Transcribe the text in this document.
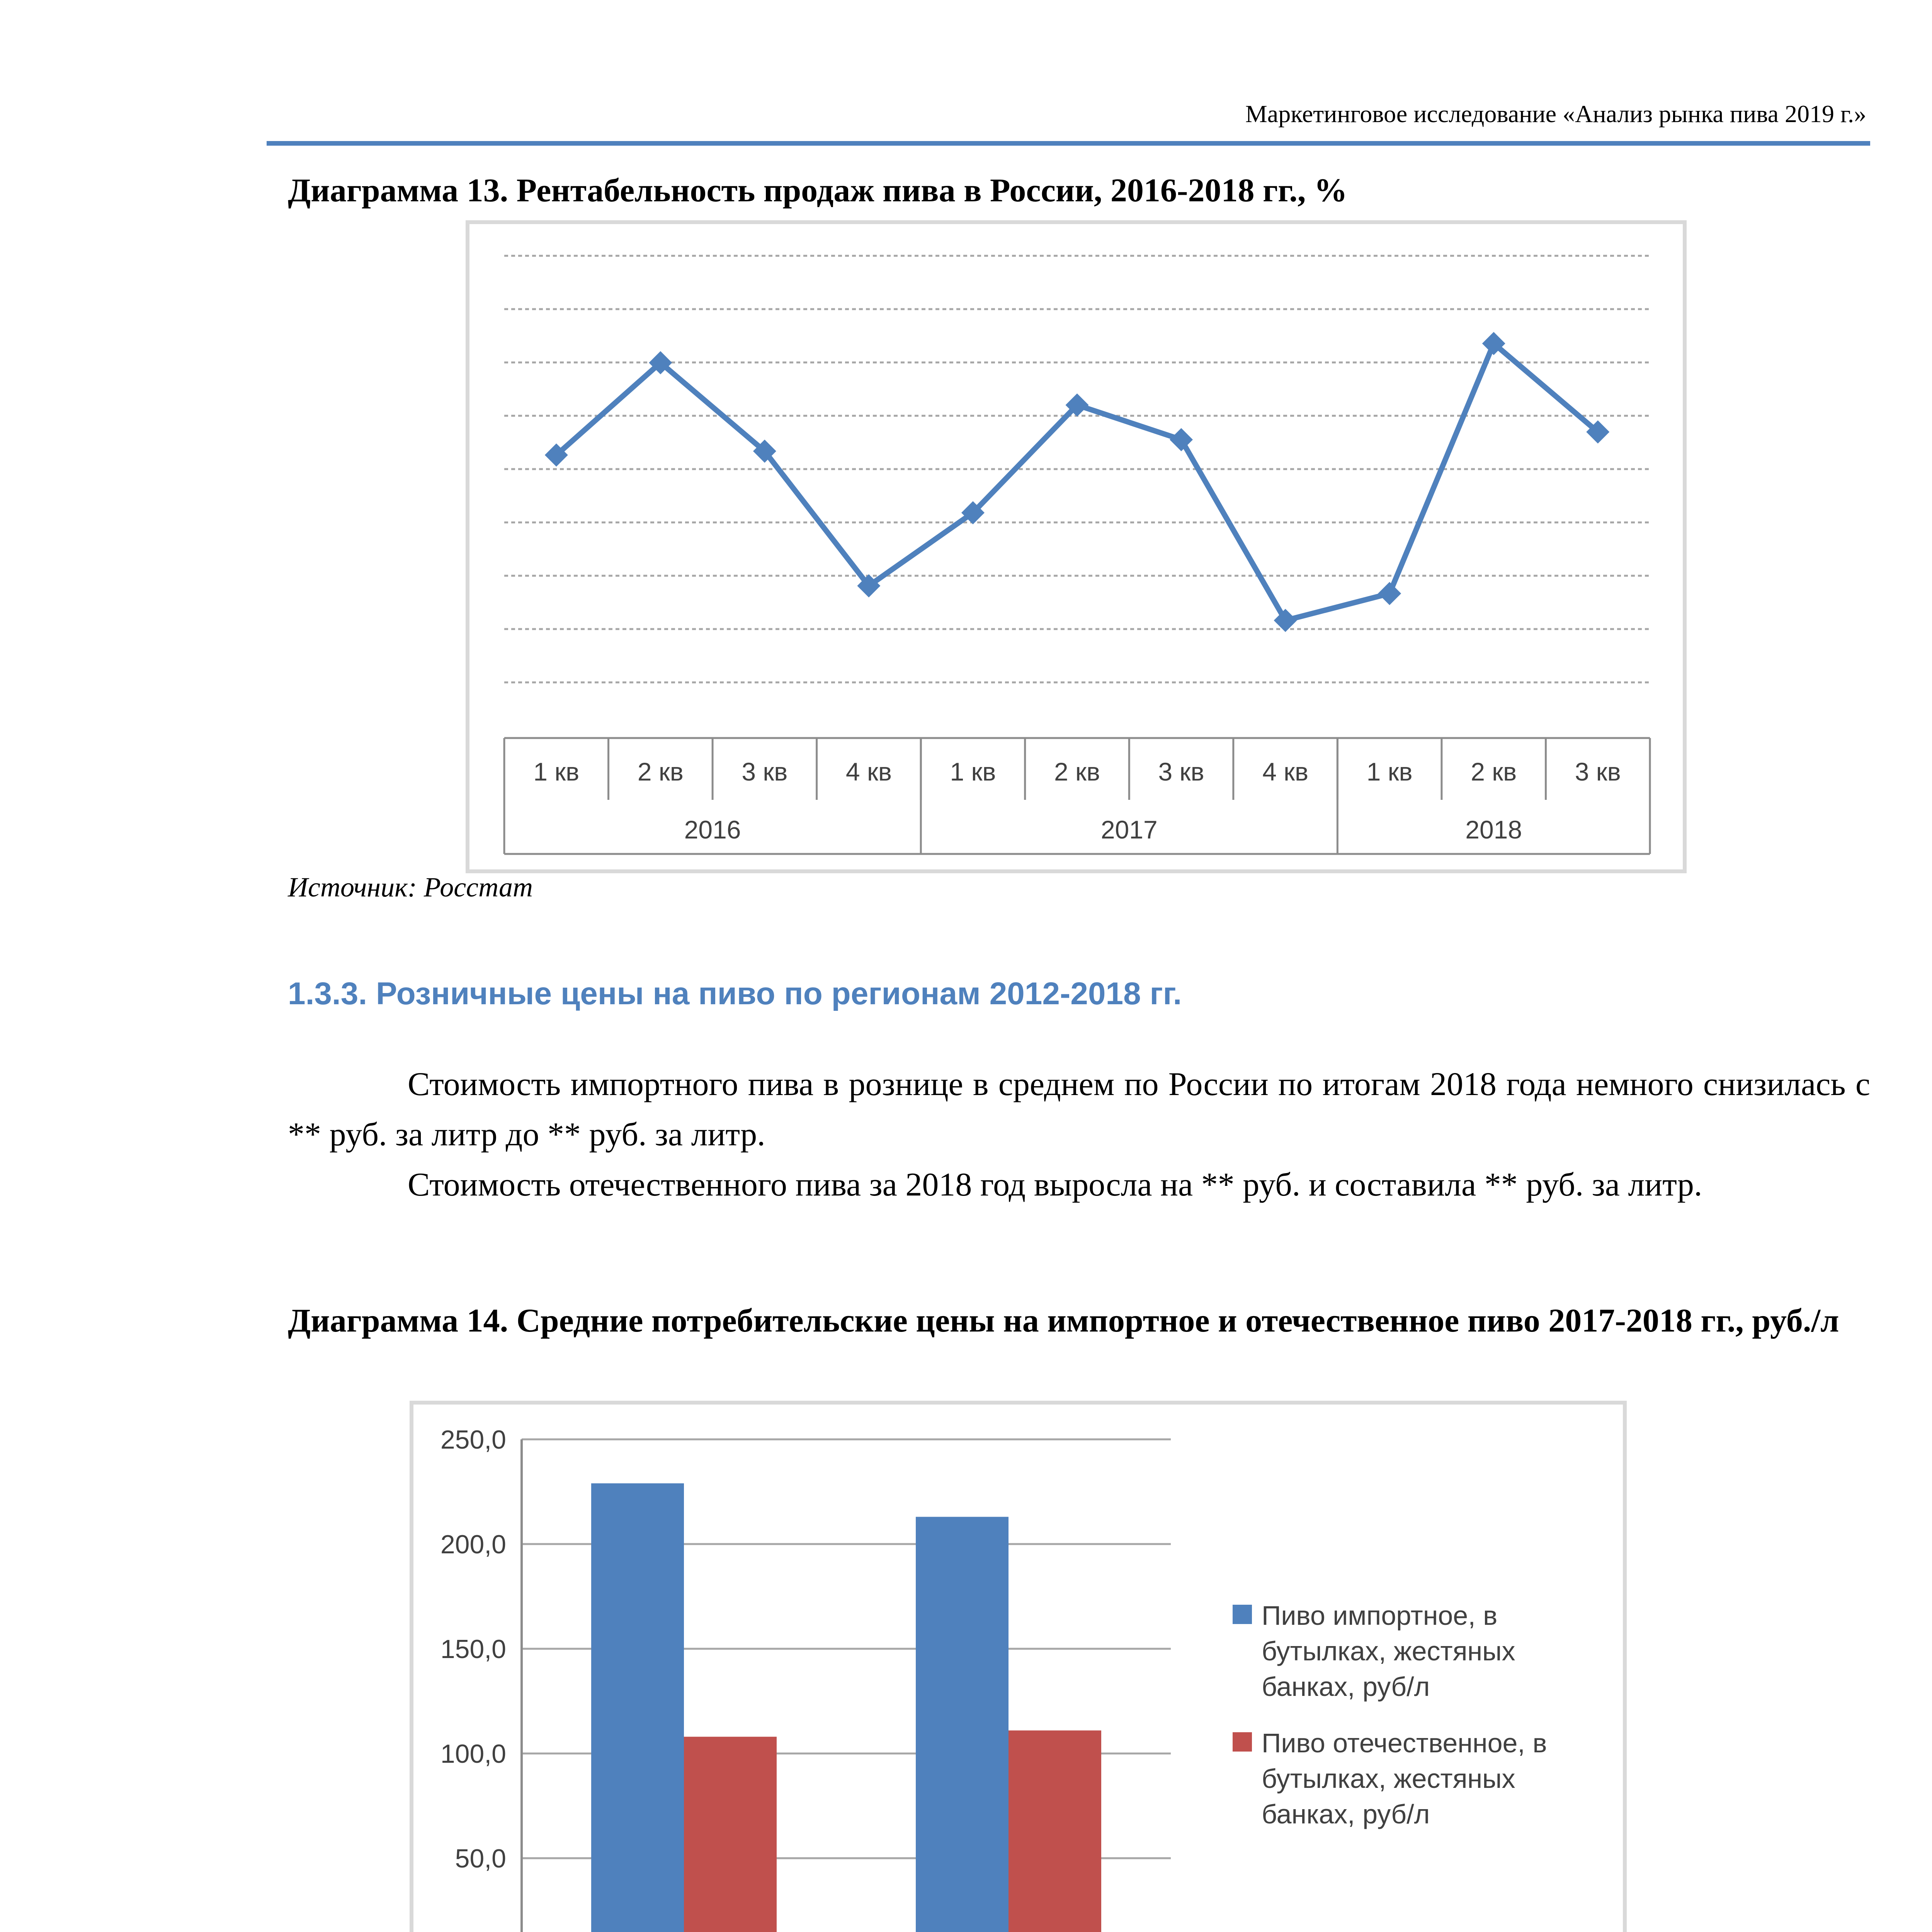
Маркетинговое исследование «Анализ рынка пива 2019 г.»
Диаграмма 13. Рентабельность продаж пива в России, 2016-2018 гг., %
1 кв 2 кв 3 кв 4 кв 1 кв 2 кв 3 кв 4 кв 1 кв 2 кв 3 кв
2016	2017	2018
Источник: Росстат
1.3.3. Розничные цены на пиво по регионам 2012-2018 гг.
Стоимость импортного пива в рознице в среднем по России по итогам 2018 года немного снизилась с ** руб. за литр до ** руб. за литр.
Стоимость отечественного пива за 2018 год выросла на ** руб. и составила ** руб. за литр.
Диаграмма 14. Средние потребительские цены на импортное и отечественное пиво 2017-2018 гг., руб./л
50,0
100,0
150,0
200,0
250,0
Пиво импортное, в бутылках, жестяных банках, руб/л
Пиво отечественное, в бутылках, жестяных банках, руб/л
